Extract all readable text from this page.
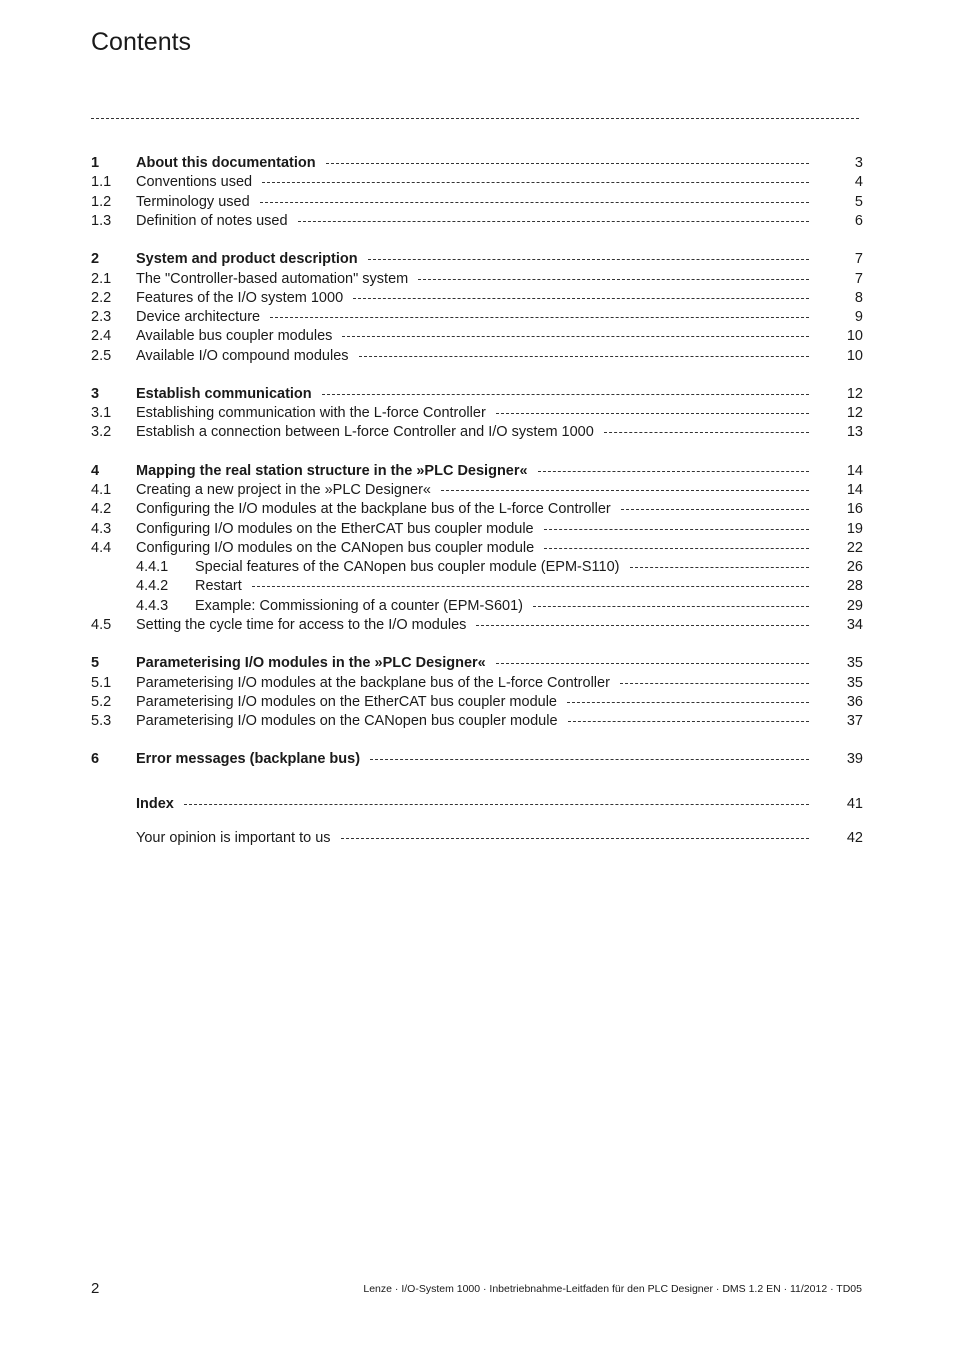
Contents
1	About this documentation	3
1.1 Conventions used	4
1.2 Terminology used	5
1.3 Definition of notes used	6
2	System and product description	7
2.1 The "Controller-based automation" system	7
2.2 Features of the I/O system 1000	8
2.3 Device architecture	9
2.4 Available bus coupler modules	10
2.5 Available I/O compound modules	10
3	Establish communication	12
3.1 Establishing communication with the L-force Controller	12
3.2 Establish a connection between L-force Controller and I/O system 1000	13
4	Mapping the real station structure in the »PLC Designer«	14
4.1 Creating a new project in the »PLC Designer«	14
4.2 Configuring the I/O modules at the backplane bus of the L-force Controller	16
4.3 Configuring I/O modules on the EtherCAT bus coupler module	19
4.4 Configuring I/O modules on the CANopen bus coupler module	22
4.4.1 Special features of the CANopen bus coupler module (EPM-S110)	26
4.4.2 Restart	28
4.4.3 Example: Commissioning of a counter (EPM-S601)	29
4.5 Setting the cycle time for access to the I/O modules	34
5	Parameterising I/O modules in the »PLC Designer«	35
5.1 Parameterising I/O modules at the backplane bus of the L-force Controller	35
5.2 Parameterising I/O modules on the EtherCAT bus coupler module	36
5.3 Parameterising I/O modules on the CANopen bus coupler module	37
6	Error messages (backplane bus)	39
Index	41
Your opinion is important to us	42
2	Lenze · I/O-System 1000 · Inbetriebnahme-Leitfaden für den PLC Designer · DMS 1.2 EN · 11/2012 · TD05
